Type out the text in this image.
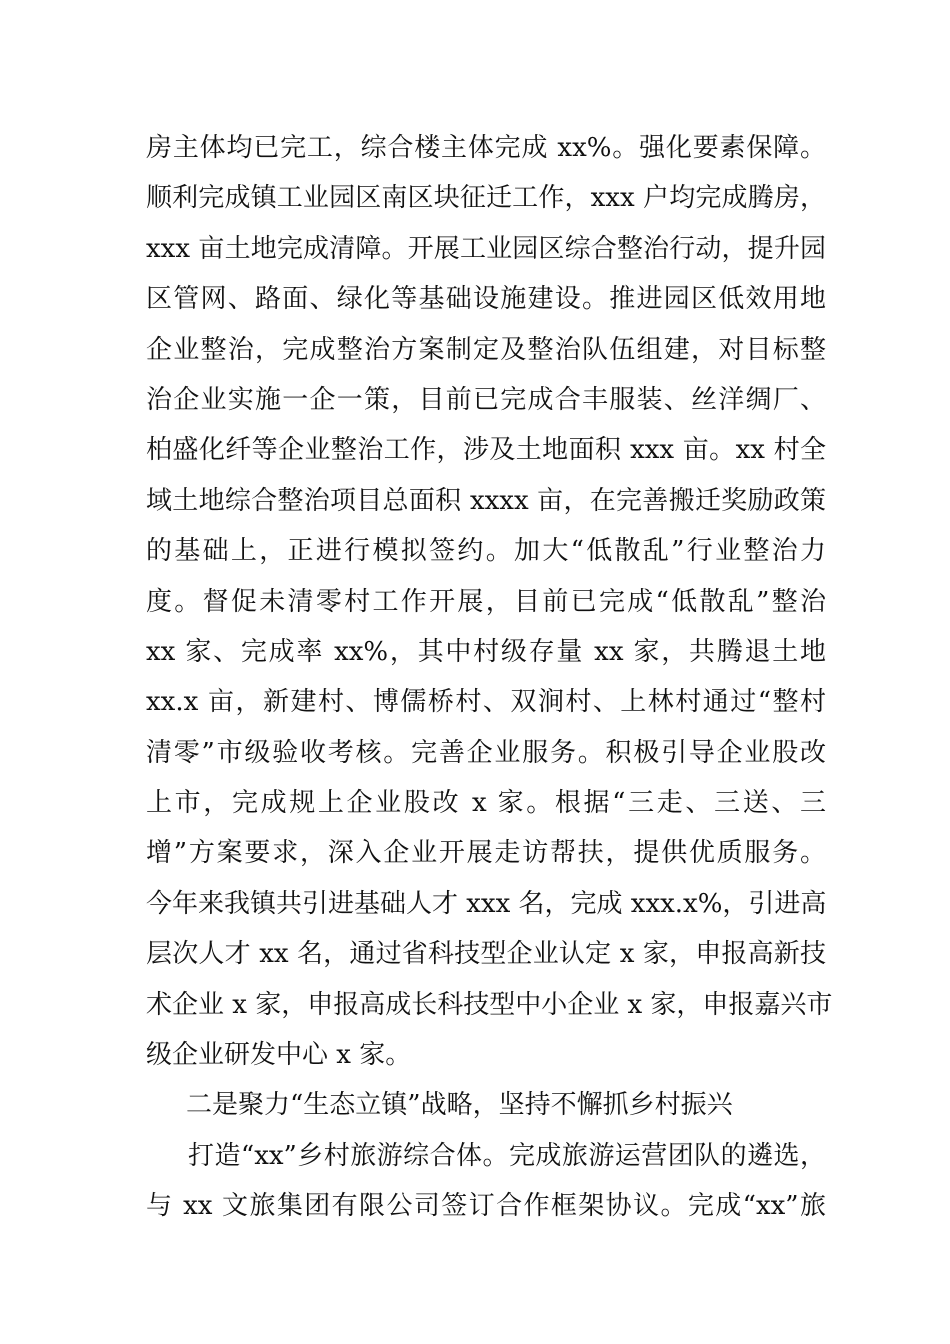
房主体均已完工，综合楼主体完成 xx%。强化要素保障。
顺利完成镇工业园区南区块征迁工作，xxx 户均完成腾房，
xxx 亩土地完成清障。开展工业园区综合整治行动，提升园
区管网、路面、绿化等基础设施建设。推进园区低效用地
企业整治，完成整治方案制定及整治队伍组建，对目标整
治企业实施一企一策，目前已完成合丰服装、丝洋绸厂、
柏盛化纤等企业整治工作，涉及土地面积 xxx 亩。xx 村全
域土地综合整治项目总面积 xxxx 亩，在完善搬迁奖励政策
的基础上，正进行模拟签约。加大“低散乱”行业整治力
度。督促未清零村工作开展，目前已完成“低散乱”整治
xx 家、完成率 xx%，其中村级存量 xx 家，共腾退土地
xx.x 亩，新建村、博儒桥村、双涧村、上林村通过“整村
清零”市级验收考核。完善企业服务。积极引导企业股改
上市，完成规上企业股改 x 家。根据“三走、三送、三
增”方案要求，深入企业开展走访帮扶，提供优质服务。
今年来我镇共引进基础人才 xxx 名，完成 xxx.x%，引进高
层次人才 xx 名，通过省科技型企业认定 x 家，申报高新技
术企业 x 家，申报高成长科技型中小企业 x 家，申报嘉兴市
级企业研发中心 x 家。
二是聚力“生态立镇”战略，坚持不懈抓乡村振兴
打造“xx”乡村旅游综合体。完成旅游运营团队的遴选，
与 xx 文旅集团有限公司签订合作框架协议。完成“xx”旅
